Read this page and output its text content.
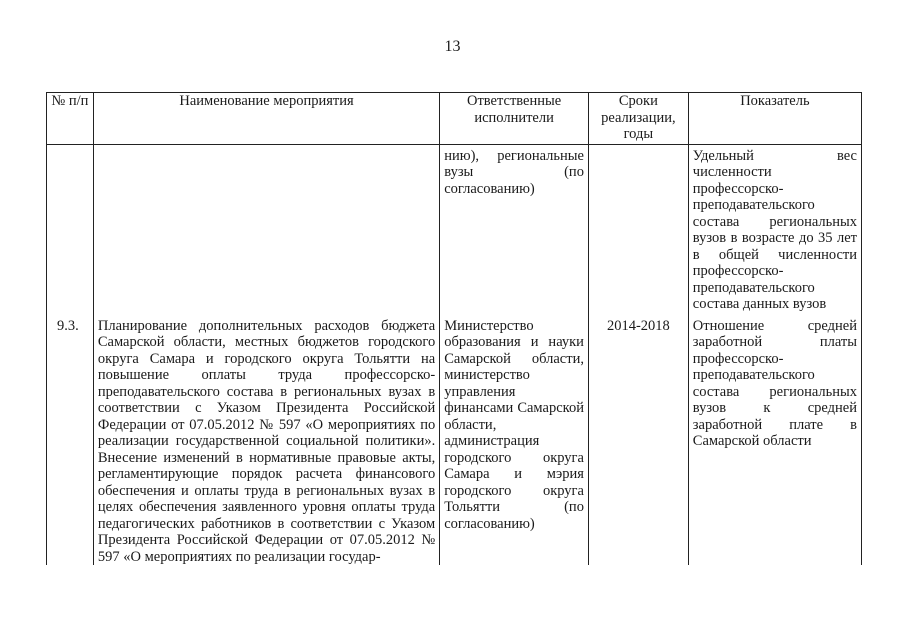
13
№ п/п	Наименование мероприятия	Ответственные исполнители	Сроки реализации, годы	Показатель
		нию), региональные вузы (по согласованию)		Удельный вес численности профессорско-преподавательского состава региональных вузов в возрасте до 35 лет в общей численности профессорско-преподавательского состава данных вузов
9.3.	Планирование дополнительных расходов бюджета Самарской области, местных бюджетов городского округа Самара и городского округа Тольятти на повышение оплаты труда профессорско-преподавательского состава в региональных вузах в соответствии с Указом Президента Российской Федерации от 07.05.2012 № 597 «О мероприятиях по реализации государственной социальной политики». Внесение изменений в нормативные правовые акты, регламентирующие порядок расчета финансового обеспечения и оплаты труда в региональных вузах в целях обеспечения заявленного уровня оплаты труда педагогических работников в соответствии с Указом Президента Российской Федерации от 07.05.2012 № 597 «О мероприятиях по реализации государ-	Министерство образования и науки Самарской области, министерство управления финансами Самарской области, администрация городского округа Самара и мэрия городского округа Тольятти (по согласованию)	2014-2018	Отношение средней заработной платы профессорско-преподавательского состава региональных вузов к средней заработной плате в Самарской области
